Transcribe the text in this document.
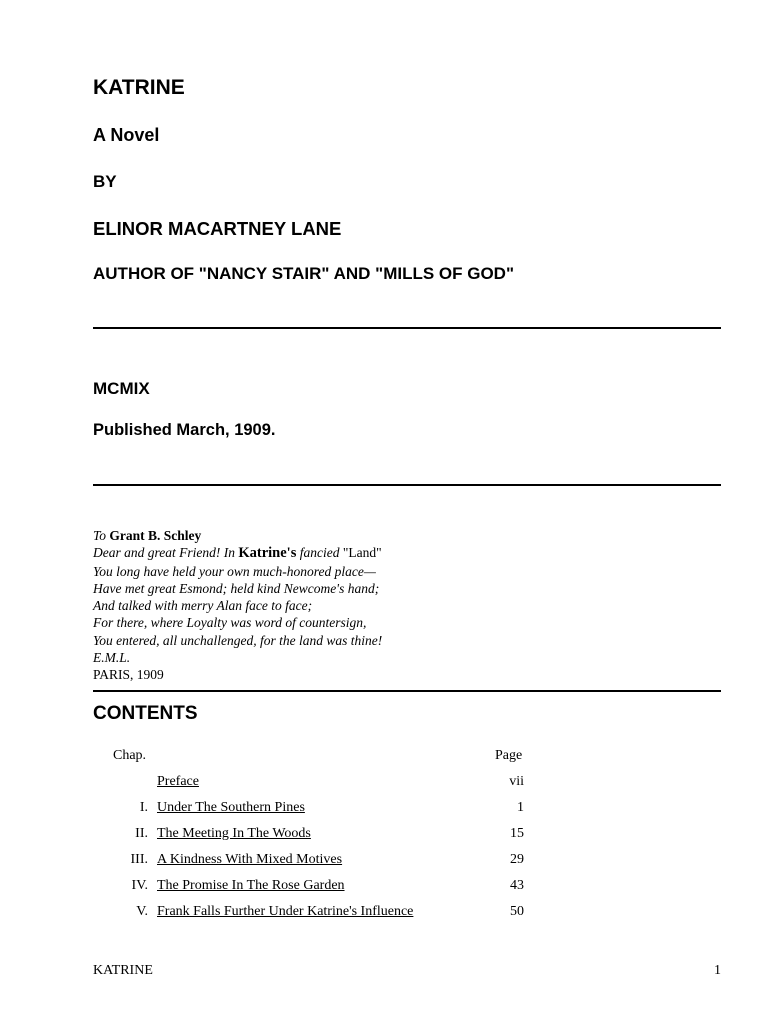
KATRINE
A Novel
BY
ELINOR MACARTNEY LANE
AUTHOR OF "NANCY STAIR" AND "MILLS OF GOD"
MCMIX
Published March, 1909.
To Grant B. Schley
Dear and great Friend! In Katrine's fancied "Land"
You long have held your own much-honored place—
Have met great Esmond; held kind Newcome's hand;
And talked with merry Alan face to face;
For there, where Loyalty was word of countersign,
You entered, all unchallenged, for the land was thine!
E.M.L.
PARIS, 1909
CONTENTS
Chap.	Page
Preface	vii
I. Under The Southern Pines	1
II. The Meeting In The Woods	15
III. A Kindness With Mixed Motives	29
IV. The Promise In The Rose Garden	43
V. Frank Falls Further Under Katrine's Influence	50
KATRINE	1
